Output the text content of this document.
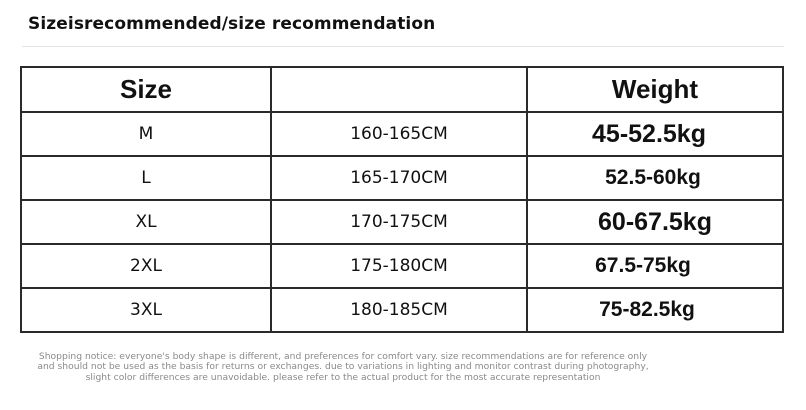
Sizeisrecommended/size recommendation
Size		Weight
M	160-165CM	45-52.5kg
L	165-170CM	52.5-60kg
XL	170-175CM	60-67.5kg
2XL	175-180CM	67.5-75kg
3XL	180-185CM	75-82.5kg
Shopping notice: everyone's body shape is different, and preferences for comfort vary. size recommendations are for reference only and should not be used as the basis for returns or exchanges. due to variations in lighting and monitor contrast during photography, slight color differences are unavoidable. please refer to the actual product for the most accurate representation
